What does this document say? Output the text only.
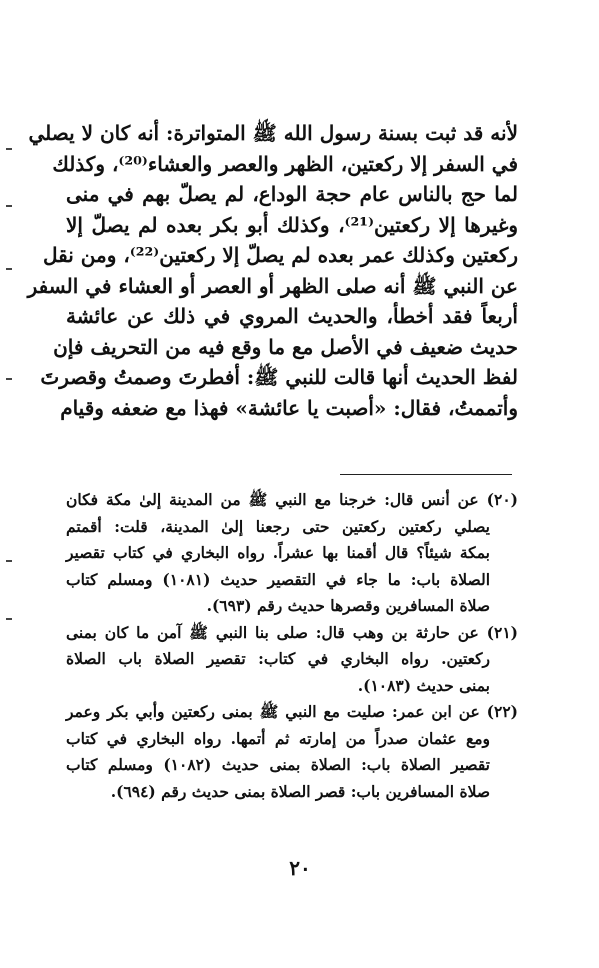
لأنه قد ثبت بسنة رسول الله ﷺ المتواترة: أنه كان لا يصلي
في السفر إلا ركعتين، الظهر والعصر والعشاء⁽²⁰⁾، وكذلك
لما حج بالناس عام حجة الوداع، لم يصلّ بهم في منى
وغيرها إلا ركعتين⁽²¹⁾، وكذلك أبو بكر بعده لم يصلّ إلا
ركعتين وكذلك عمر بعده لم يصلّ إلا ركعتين⁽²²⁾، ومن نقل
عن النبي ﷺ أنه صلى الظهر أو العصر أو العشاء في السفر
أربعاً فقد أخطأ، والحديث المروي في ذلك عن عائشة
حديث ضعيف في الأصل مع ما وقع فيه من التحريف فإن
لفظ الحديث أنها قالت للنبي ﷺ: أفطرتَ وصمتُ وقصرتَ
وأتممتُ، فقال: «أصبت يا عائشة» فهذا مع ضعفه وقيام
(٢٠) عن أنس قال: خرجنا مع النبي ﷺ من المدينة إلىٰ مكة فكان
يصلي ركعتين ركعتين حتى رجعنا إلىٰ المدينة، قلت: أقمتم
بمكة شيئاً؟ قال أقمنا بها عشراً. رواه البخاري في كتاب تقصير
الصلاة باب: ما جاء في التقصير حديث (١٠٨١) ومسلم كتاب
صلاة المسافرين وقصرها حديث رقم (٦٩٣).
(٢١) عن حارثة بن وهب قال: صلى بنا النبي ﷺ آمن ما كان بمنى
ركعتين. رواه البخاري في كتاب: تقصير الصلاة باب الصلاة
بمنى حديث (١٠٨٣).
(٢٢) عن ابن عمر: صليت مع النبي ﷺ بمنى ركعتين وأبي بكر وعمر
ومع عثمان صدراً من إمارته ثم أتمها. رواه البخاري في كتاب
تقصير الصلاة باب: الصلاة بمنى حديث (١٠٨٢) ومسلم كتاب
صلاة المسافرين باب: قصر الصلاة بمنى حديث رقم (٦٩٤).
٢٠
